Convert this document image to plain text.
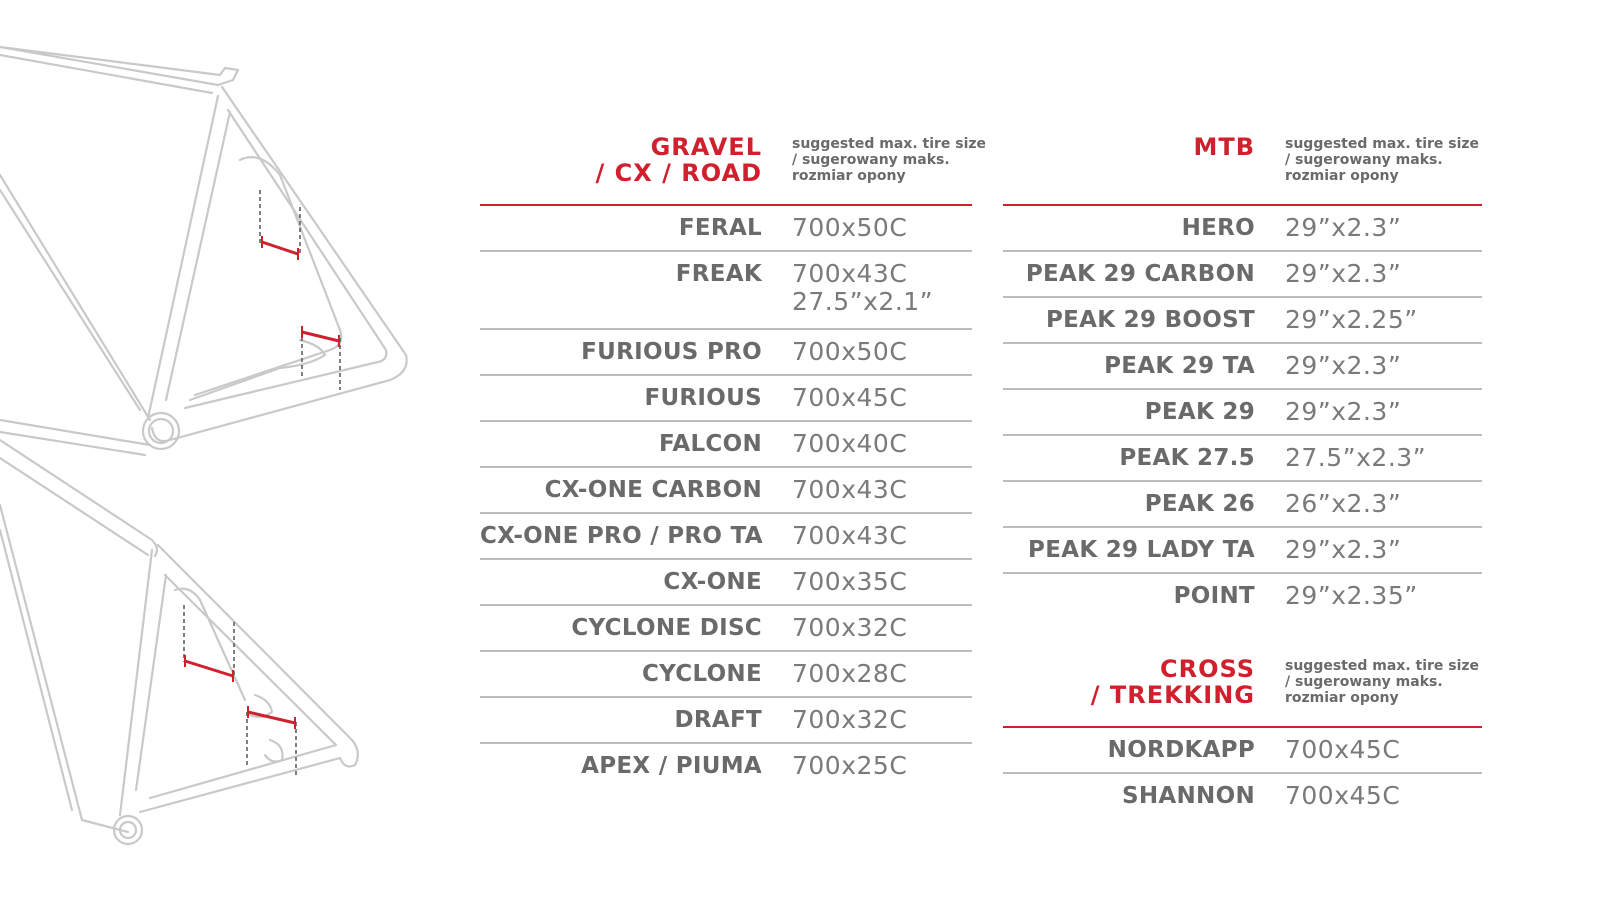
GRAVEL
/ CX / ROAD
suggested max. tire size
/ sugerowany maks.
rozmiar opony
FERAL 700x50C
FREAK 700x43C
27.5”x2.1”
FURIOUS PRO 700x50C
FURIOUS 700x45C
FALCON 700x40C
CX-ONE CARBON 700x43C
CX-ONE PRO / PRO TA 700x43C
CX-ONE 700x35C
CYCLONE DISC 700x32C
CYCLONE 700x28C
DRAFT 700x32C
APEX / PIUMA 700x25C
MTB suggested max. tire size
/ sugerowany maks.
rozmiar opony
HERO 29”x2.3”
PEAK 29 CARBON 29”x2.3”
PEAK 29 BOOST 29”x2.25”
PEAK 29 TA 29”x2.3”
PEAK 29 29”x2.3”
PEAK 27.5 27.5”x2.3”
PEAK 26 26”x2.3”
PEAK 29 LADY TA 29”x2.3”
POINT 29”x2.35”
CROSS
/ TREKKING
suggested max. tire size
/ sugerowany maks.
rozmiar opony
NORDKAPP 700x45C
SHANNON 700x45C
